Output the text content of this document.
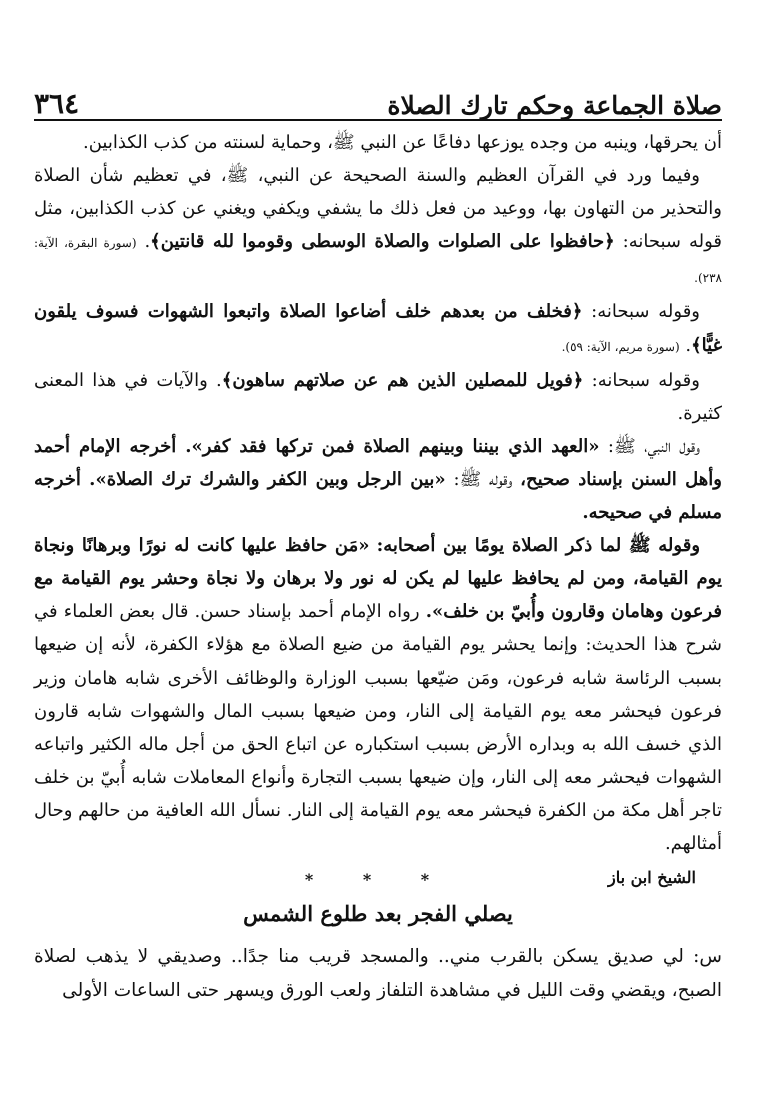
صلاة الجماعة وحكم تارك الصلاة
٣٦٤

أن يحرقها، وينبه من وجده يوزعها دفاعًا عن النبي ﷺ، وحماية لسنته من كذب الكذابين.

وفيما ورد في القرآن العظيم والسنة الصحيحة عن النبي، ﷺ، في تعظيم شأن الصلاة والتحذير من التهاون بها، ووعيد من فعل ذلك ما يشفي ويكفي ويغني عن كذب الكذابين، مثل قوله سبحانه: ﴿حافظوا على الصلوات والصلاة الوسطى وقوموا لله قانتين﴾. (سورة البقرة، الآية: ٢٣٨).

وقوله سبحانه: ﴿فخلف من بعدهم خلف أضاعوا الصلاة واتبعوا الشهوات فسوف يلقون غيًّا﴾. (سورة مريم، الآية: ٥٩).

وقوله سبحانه: ﴿فويل للمصلين الذين هم عن صلاتهم ساهون﴾. والآيات في هذا المعنى كثيرة.

وقول النبي، ﷺ: «العهد الذي بيننا وبينهم الصلاة فمن تركها فقد كفر». أخرجه الإمام أحمد وأهل السنن بإسناد صحيح، وقوله ﷺ: «بين الرجل وبين الكفر والشرك ترك الصلاة». أخرجه مسلم في صحيحه.

وقوله ﷺ لما ذكر الصلاة يومًا بين أصحابه: «مَن حافظ عليها كانت له نورًا وبرهانًا ونجاة يوم القيامة، ومن لم يحافظ عليها لم يكن له نور ولا برهان ولا نجاة وحشر يوم القيامة مع فرعون وهامان وقارون وأُبيّ بن خلف». رواه الإمام أحمد بإسناد حسن. قال بعض العلماء في شرح هذا الحديث: وإنما يحشر يوم القيامة من ضيع الصلاة مع هؤلاء الكفرة، لأنه إن ضيعها بسبب الرئاسة شابه فرعون، ومَن ضيّعها بسبب الوزارة والوظائف الأخرى شابه هامان وزير فرعون فيحشر معه يوم القيامة إلى النار، ومن ضيعها بسبب المال والشهوات شابه قارون الذي خسف الله به وبداره الأرض بسبب استكباره عن اتباع الحق من أجل ماله الكثير واتباعه الشهوات فيحشر معه إلى النار، وإن ضيعها بسبب التجارة وأنواع المعاملات شابه أُبيّ بن خلف تاجر أهل مكة من الكفرة فيحشر معه يوم القيامة إلى النار. نسأل الله العافية من حالهم وحال أمثالهم.

الشيخ ابن باز
* * *
يصلي الفجر بعد طلوع الشمس

س: لي صديق يسكن بالقرب مني.. والمسجد قريب منا جدًا.. وصديقي لا يذهب لصلاة الصبح، ويقضي وقت الليل في مشاهدة التلفاز ولعب الورق ويسهر حتى الساعات الأولى
